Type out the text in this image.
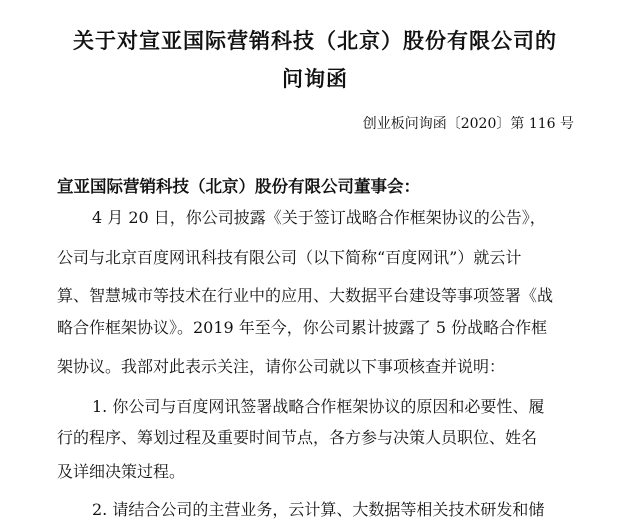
关于对宣亚国际营销科技（北京）股份有限公司的
问询函
创业板问询函〔2020〕第 116 号
宣亚国际营销科技（北京）股份有限公司董事会：
4 月 20 日，你公司披露《关于签订战略合作框架协议的公告》，
公司与北京百度网讯科技有限公司（以下简称“百度网讯”）就云计
算、智慧城市等技术在行业中的应用、大数据平台建设等事项签署《战
略合作框架协议》。2019 年至今，你公司累计披露了 5 份战略合作框
架协议。我部对此表示关注，请你公司就以下事项核查并说明：
1. 你公司与百度网讯签署战略合作框架协议的原因和必要性、履
行的程序、筹划过程及重要时间节点，各方参与决策人员职位、姓名
及详细决策过程。
2. 请结合公司的主营业务，云计算、大数据等相关技术研发和储
